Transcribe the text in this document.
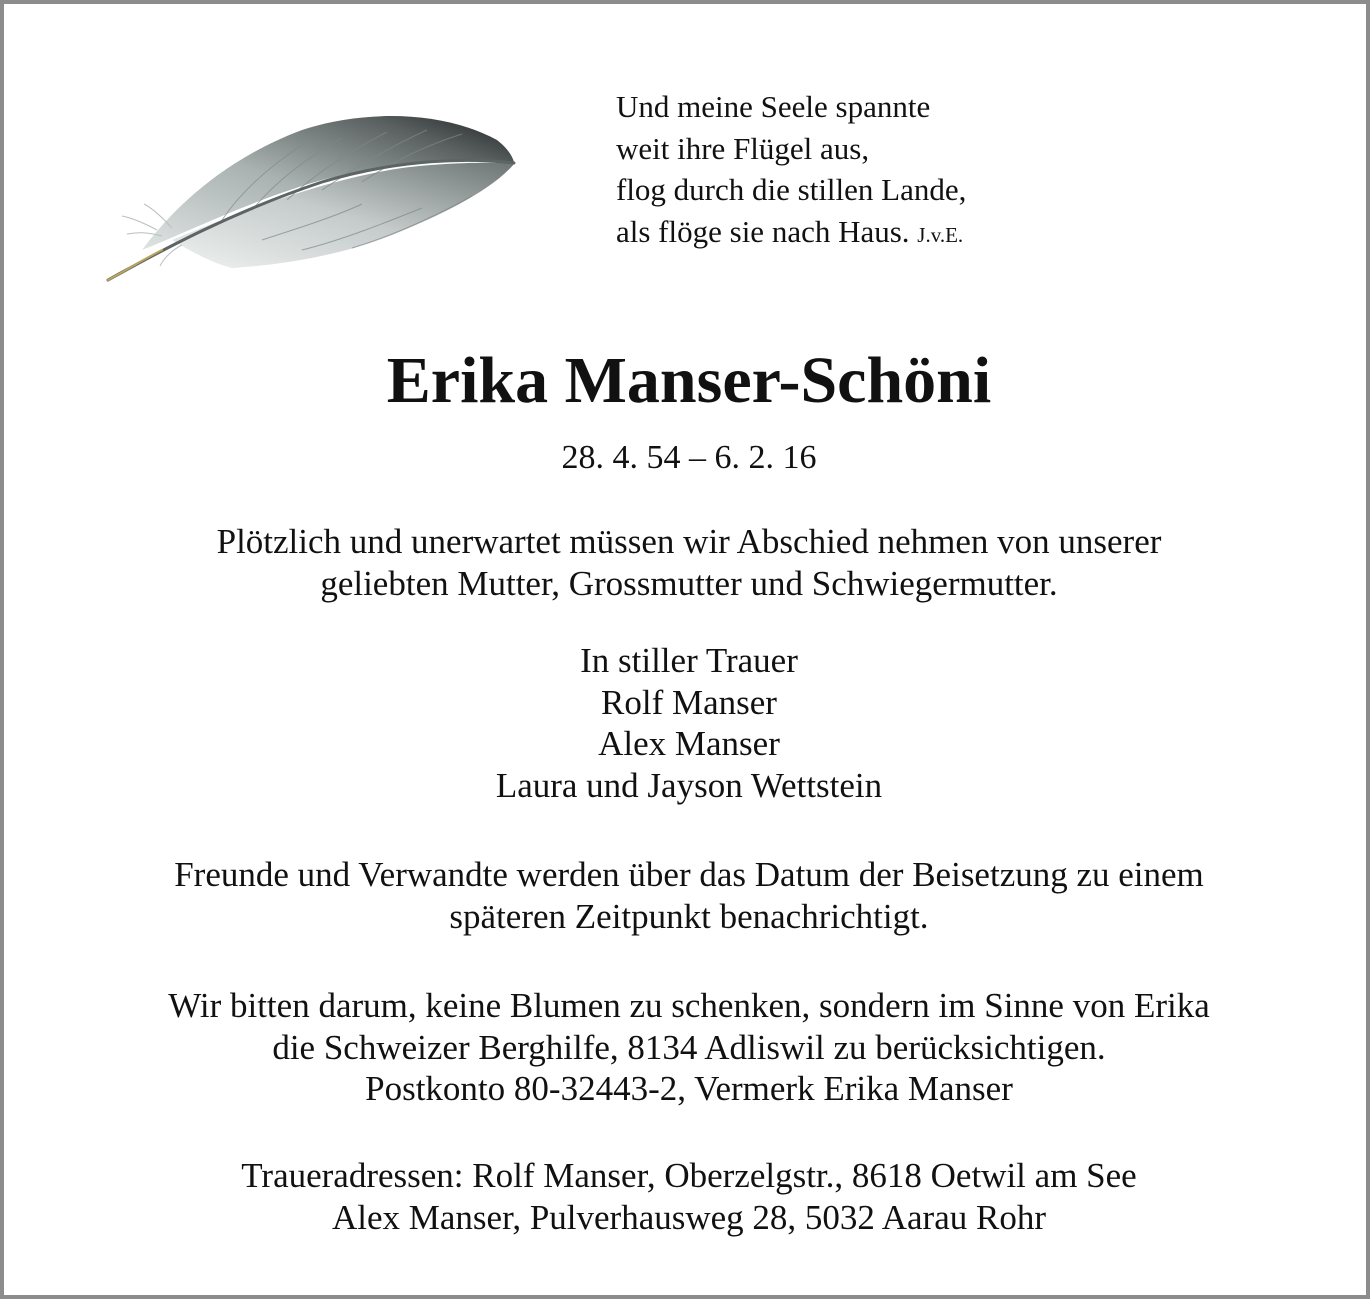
Und meine Seele spannte
weit ihre Flügel aus,
flog durch die stillen Lande,
als flöge sie nach Haus. J.v.E.
Erika Manser-Schöni
28. 4. 54 – 6. 2. 16
Plötzlich und unerwartet müssen wir Abschied nehmen von unserer
geliebten Mutter, Grossmutter und Schwiegermutter.
In stiller Trauer
Rolf Manser
Alex Manser
Laura und Jayson Wettstein
Freunde und Verwandte werden über das Datum der Beisetzung zu einem
späteren Zeitpunkt benachrichtigt.
Wir bitten darum, keine Blumen zu schenken, sondern im Sinne von Erika
die Schweizer Berghilfe, 8134 Adliswil zu berücksichtigen.
Postkonto 80-32443-2, Vermerk Erika Manser
Traueradressen: Rolf Manser, Oberzelgstr., 8618 Oetwil am See
Alex Manser, Pulverhausweg 28, 5032 Aarau Rohr
